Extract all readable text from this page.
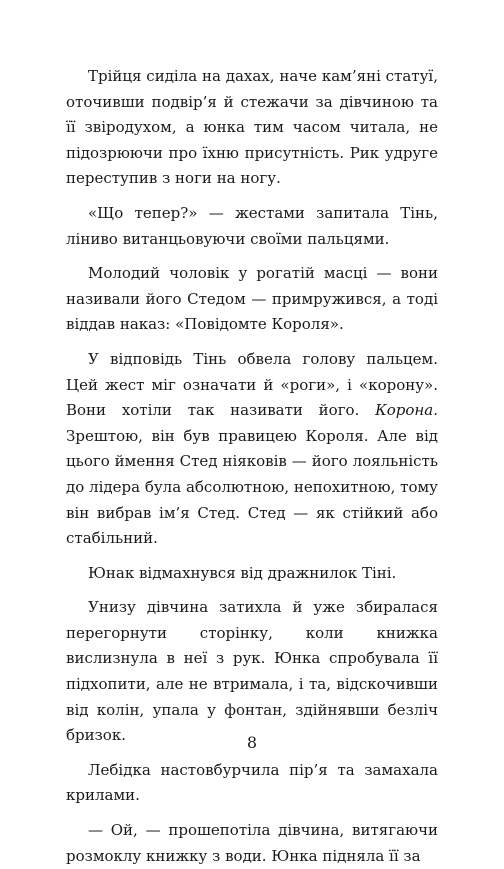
Трійця сиділа на дахах, наче кам’яні статуї, оточивши подвір’я й стежачи за дівчиною та її звіродухом, а юнка тим часом читала, не підозрюючи про їхню присутність. Рик удруге переступив з ноги на ногу.

«Що тепер?» — жестами запитала Тінь, ліниво витанцьовуючи своїми пальцями.

Молодий чоловік у рогатій масці — вони називали його Стедом — примружився, а тоді віддав наказ: «Повідомте Короля».

У відповідь Тінь обвела голову пальцем. Цей жест міг означати й «роги», і «корону». Вони хотіли так називати його. Корона. Зрештою, він був правицею Короля. Але від цього ймення Стед ніяковів — його лояльність до лідера була абсолютною, непохитною, тому він вибрав ім’я Стед. Стед — як стійкий або стабільний.

Юнак відмахнувся від дражнилок Тіні.

Унизу дівчина затихла й уже збиралася перегорнути сторінку, коли книжка вислизнула в неї з рук. Юнка спробувала її підхопити, але не втримала, і та, відскочивши від колін, упала у фонтан, здійнявши безліч бризок.

Лебідка настовбурчила пір’я та замахала крилами.

— Ой, — прошепотіла дівчина, витягаючи розмоклу книжку з води. Юнка підняла її за

8
